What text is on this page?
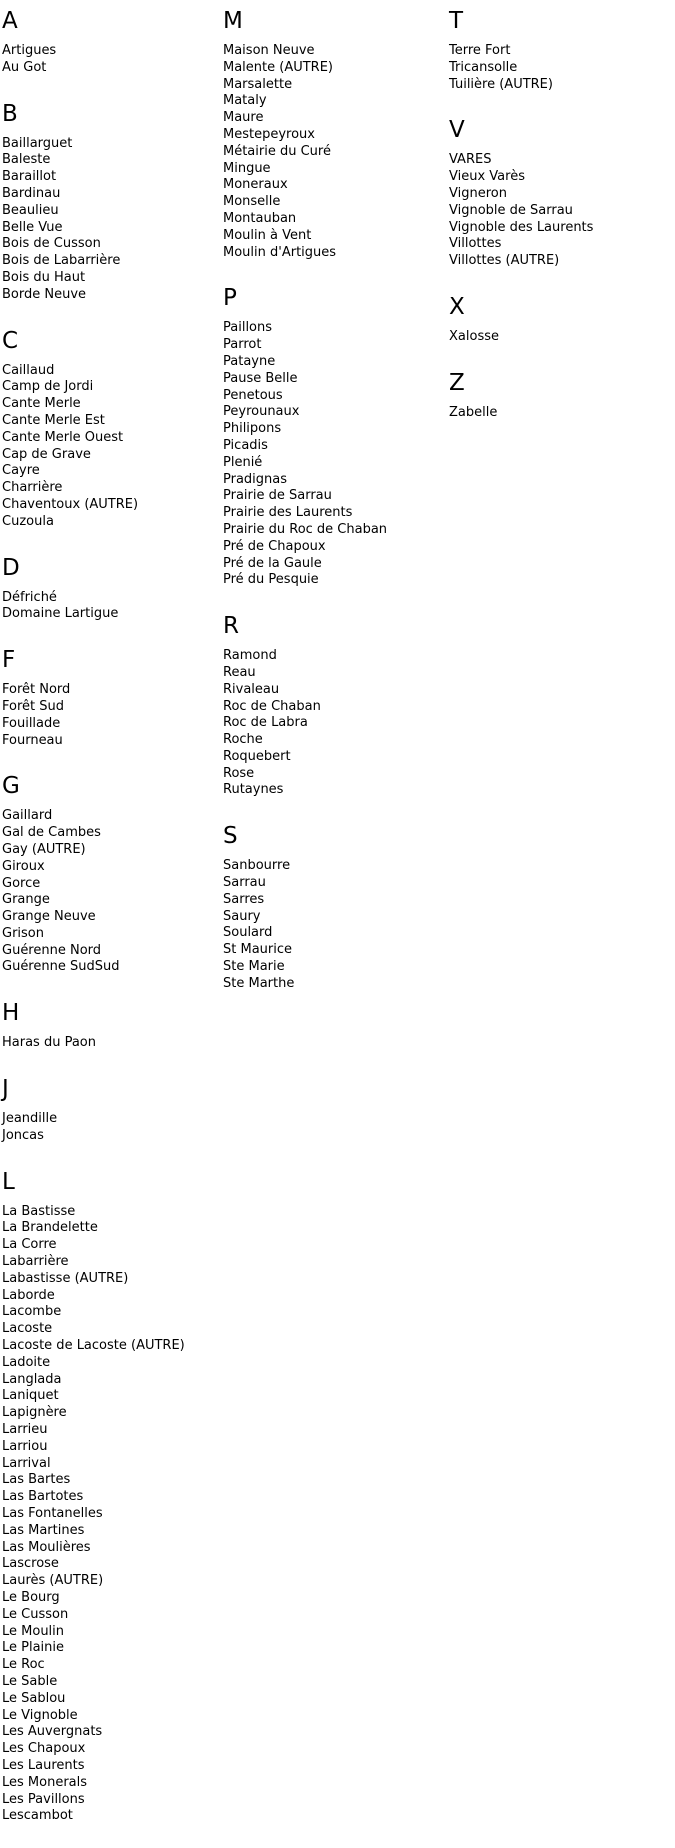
A
Artigues
Au Got
B
Baillarguet
Baleste
Baraillot
Bardinau
Beaulieu
Belle Vue
Bois de Cusson
Bois de Labarrière
Bois du Haut
Borde Neuve
C
Caillaud
Camp de Jordi
Cante Merle
Cante Merle Est
Cante Merle Ouest
Cap de Grave
Cayre
Charrière
Chaventoux (AUTRE)
Cuzoula
D
Défriché
Domaine Lartigue
F
Forêt Nord
Forêt Sud
Fouillade
Fourneau
G
Gaillard
Gal de Cambes
Gay (AUTRE)
Giroux
Gorce
Grange
Grange Neuve
Grison
Guérenne Nord
Guérenne SudSud
H
Haras du Paon
J
Jeandille
Joncas
L
La Bastisse
La Brandelette
La Corre
Labarrière
Labastisse (AUTRE)
Laborde
Lacombe
Lacoste
Lacoste de Lacoste (AUTRE)
Ladoite
Langlada
Laniquet
Lapignère
Larrieu
Larriou
Larrival
Las Bartes
Las Bartotes
Las Fontanelles
Las Martines
Las Moulières
Lascrose
Laurès (AUTRE)
Le Bourg
Le Cusson
Le Moulin
Le Plainie
Le Roc
Le Sable
Le Sablou
Le Vignoble
Les Auvergnats
Les Chapoux
Les Laurents
Les Monerals
Les Pavillons
Lescambot
M
Maison Neuve
Malente (AUTRE)
Marsalette
Mataly
Maure
Mestepeyroux
Métairie du Curé
Mingue
Moneraux
Monselle
Montauban
Moulin à Vent
Moulin d'Artigues
P
Paillons
Parrot
Patayne
Pause Belle
Penetous
Peyrounaux
Philipons
Picadis
Plenié
Pradignas
Prairie de Sarrau
Prairie des Laurents
Prairie du Roc de Chaban
Pré de Chapoux
Pré de la Gaule
Pré du Pesquie
R
Ramond
Reau
Rivaleau
Roc de Chaban
Roc de Labra
Roche
Roquebert
Rose
Rutaynes
S
Sanbourre
Sarrau
Sarres
Saury
Soulard
St Maurice
Ste Marie
Ste Marthe
T
Terre Fort
Tricansolle
Tuilière (AUTRE)
V
VARES
Vieux Varès
Vigneron
Vignoble de Sarrau
Vignoble des Laurents
Villottes
Villottes (AUTRE)
X
Xalosse
Z
Zabelle
